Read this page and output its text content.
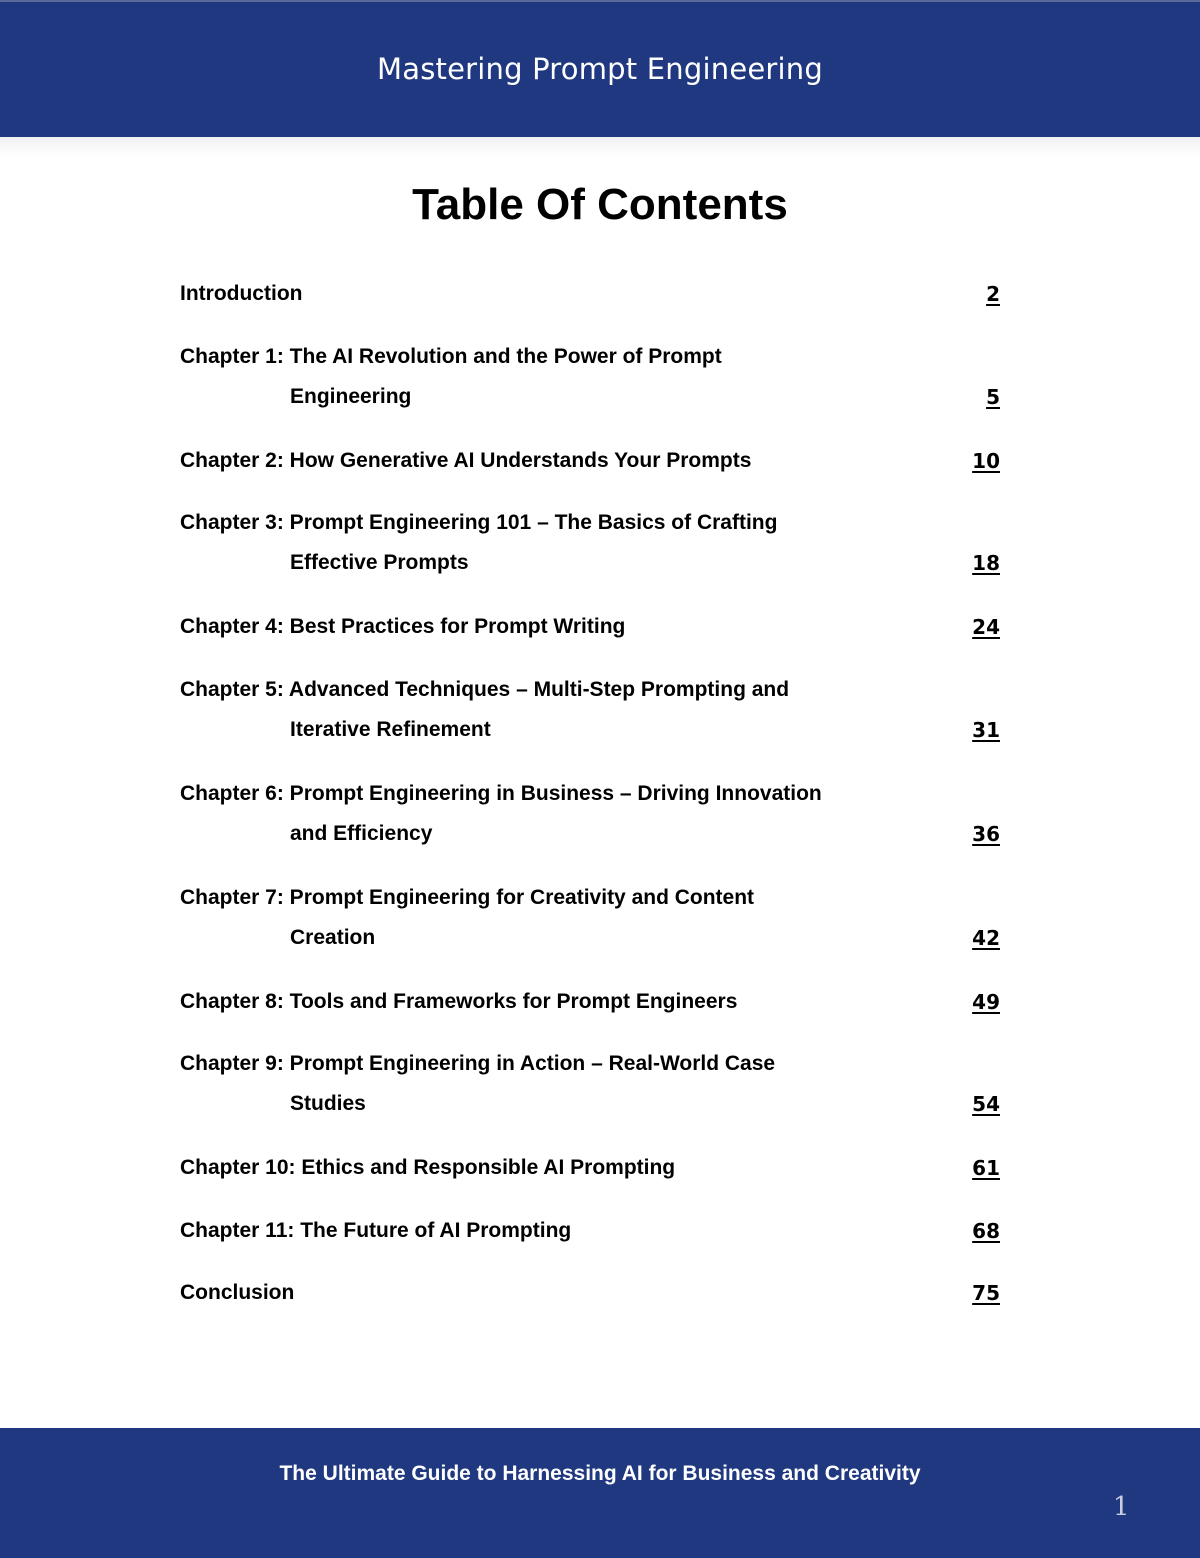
Mastering Prompt Engineering
Table Of Contents
Introduction	2
Chapter 1: The AI Revolution and the Power of Prompt
Engineering	5
Chapter 2: How Generative AI Understands Your Prompts	10
Chapter 3: Prompt Engineering 101 – The Basics of Crafting
Effective Prompts	18
Chapter 4: Best Practices for Prompt Writing	24
Chapter 5: Advanced Techniques – Multi-Step Prompting and
Iterative Refinement	31
Chapter 6: Prompt Engineering in Business – Driving Innovation
and Efficiency	36
Chapter 7: Prompt Engineering for Creativity and Content
Creation	42
Chapter 8: Tools and Frameworks for Prompt Engineers	49
Chapter 9: Prompt Engineering in Action – Real-World Case
Studies	54
Chapter 10: Ethics and Responsible AI Prompting	61
Chapter 11: The Future of AI Prompting	68
Conclusion	75
The Ultimate Guide to Harnessing AI for Business and Creativity
1
